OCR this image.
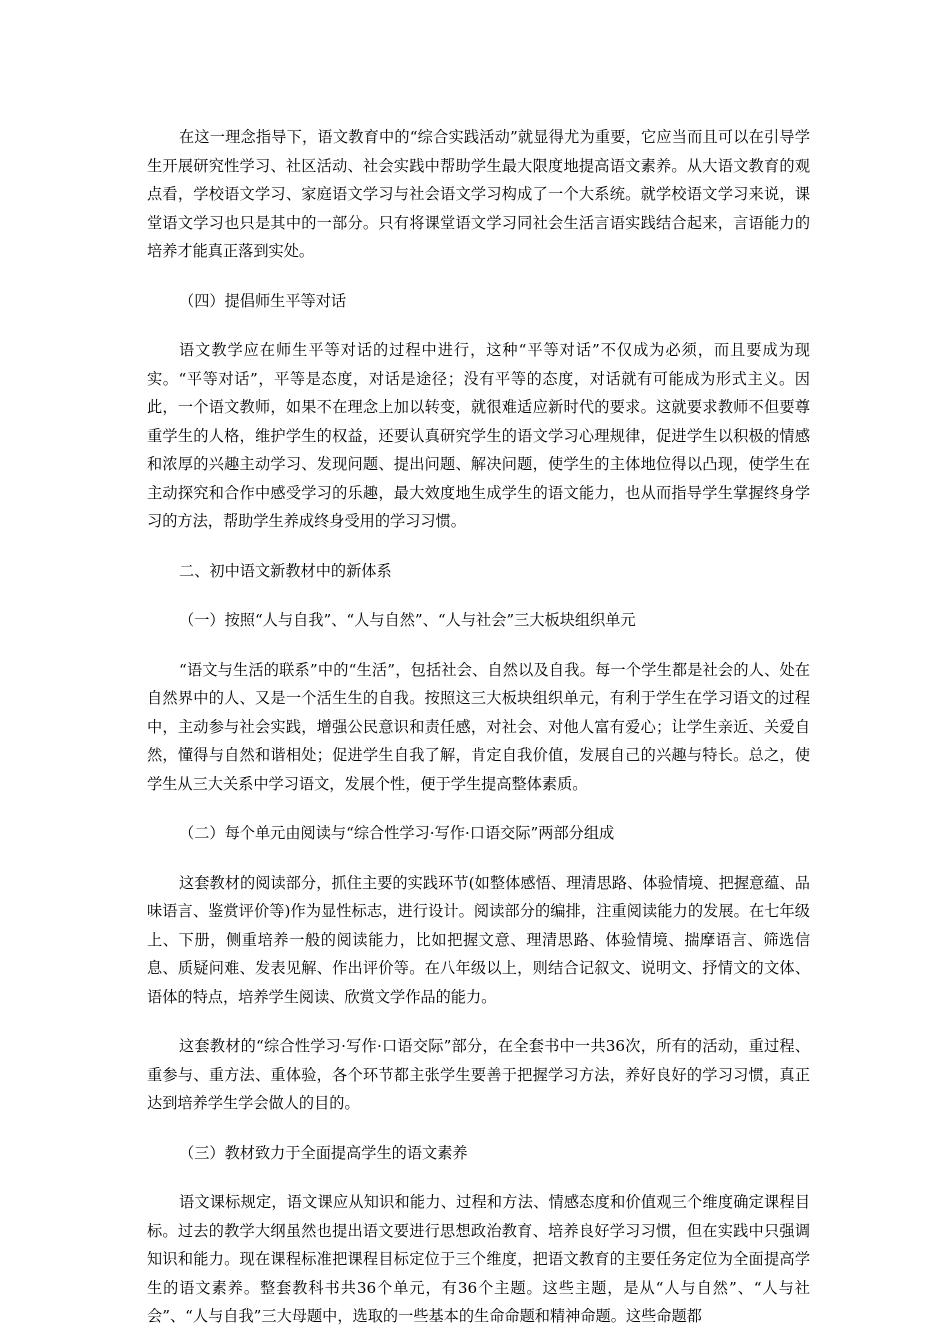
在这一理念指导下，语文教育中的“综合实践活动”就显得尤为重要，它应当而且可以在引导学生开展研究性学习、社区活动、社会实践中帮助学生最大限度地提高语文素养。从大语文教育的观点看，学校语文学习、家庭语文学习与社会语文学习构成了一个大系统。就学校语文学习来说，课堂语文学习也只是其中的一部分。只有将课堂语文学习同社会生活言语实践结合起来，言语能力的培养才能真正落到实处。

（四）提倡师生平等对话

语文教学应在师生平等对话的过程中进行，这种“平等对话”不仅成为必须，而且要成为现实。“平等对话”，平等是态度，对话是途径；没有平等的态度，对话就有可能成为形式主义。因此，一个语文教师，如果不在理念上加以转变，就很难适应新时代的要求。这就要求教师不但要尊重学生的人格，维护学生的权益，还要认真研究学生的语文学习心理规律，促进学生以积极的情感和浓厚的兴趣主动学习、发现问题、提出问题、解决问题，使学生的主体地位得以凸现，使学生在主动探究和合作中感受学习的乐趣，最大效度地生成学生的语文能力，也从而指导学生掌握终身学习的方法，帮助学生养成终身受用的学习习惯。

二、初中语文新教材中的新体系

（一）按照“人与自我”、“人与自然”、“人与社会”三大板块组织单元

“语文与生活的联系”中的“生活”，包括社会、自然以及自我。每一个学生都是社会的人、处在自然界中的人、又是一个活生生的自我。按照这三大板块组织单元，有利于学生在学习语文的过程中，主动参与社会实践，增强公民意识和责任感，对社会、对他人富有爱心；让学生亲近、关爱自然，懂得与自然和谐相处；促进学生自我了解，肯定自我价值，发展自己的兴趣与特长。总之，使学生从三大关系中学习语文，发展个性，便于学生提高整体素质。

（二）每个单元由阅读与“综合性学习·写作·口语交际”两部分组成

这套教材的阅读部分，抓住主要的实践环节(如整体感悟、理清思路、体验情境、把握意蕴、品味语言、鉴赏评价等)作为显性标志，进行设计。阅读部分的编排，注重阅读能力的发展。在七年级上、下册，侧重培养一般的阅读能力，比如把握文意、理清思路、体验情境、揣摩语言、筛选信息、质疑问难、发表见解、作出评价等。在八年级以上，则结合记叙文、说明文、抒情文的文体、语体的特点，培养学生阅读、欣赏文学作品的能力。

这套教材的“综合性学习·写作·口语交际”部分，在全套书中一共36次，所有的活动，重过程、重参与、重方法、重体验，各个环节都主张学生要善于把握学习方法，养好良好的学习习惯，真正达到培养学生学会做人的目的。

（三）教材致力于全面提高学生的语文素养

语文课标规定，语文课应从知识和能力、过程和方法、情感态度和价值观三个维度确定课程目标。过去的教学大纲虽然也提出语文要进行思想政治教育、培养良好学习习惯，但在实践中只强调知识和能力。现在课程标准把课程目标定位于三个维度，把语文教育的主要任务定位为全面提高学生的语文素养。整套教科书共36个单元，有36个主题。这些主题，是从“人与自然”、“人与社会”、“人与自我”三大母题中，选取的一些基本的生命命题和精神命题。这些命题都
